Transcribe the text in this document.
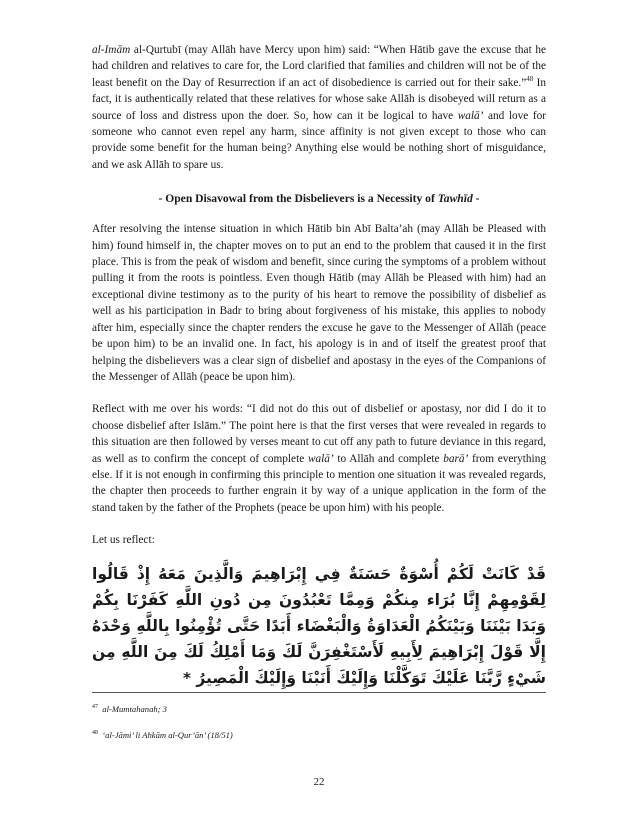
al-Imām al-Qurtubī (may Allāh have Mercy upon him) said: “When Hātib gave the excuse that he had children and relatives to care for, the Lord clarified that families and children will not be of the least benefit on the Day of Resurrection if an act of disobedience is carried out for their sake.”$^{48}$ In fact, it is authentically related that these relatives for whose sake Allāh is disobeyed will return as a source of loss and distress upon the doer. So, how can it be logical to have walā’ and love for someone who cannot even repel any harm, since affinity is not given except to those who can provide some benefit for the human being? Anything else would be nothing short of misguidance, and we ask Allāh to spare us.

- Open Disavowal from the Disbelievers is a Necessity of Tawhīd -

After resolving the intense situation in which Hātib bin Abī Balta’ah (may Allāh be Pleased with him) found himself in, the chapter moves on to put an end to the problem that caused it in the first place. This is from the peak of wisdom and benefit, since curing the symptoms of a problem without pulling it from the roots is pointless. Even though Hātib (may Allāh be Pleased with him) had an exceptional divine testimony as to the purity of his heart to remove the possibility of disbelief as well as his participation in Badr to bring about forgiveness of his mistake, this applies to nobody after him, especially since the chapter renders the excuse he gave to the Messenger of Allāh (peace be upon him) to be an invalid one. In fact, his apology is in and of itself the greatest proof that helping the disbelievers was a clear sign of disbelief and apostasy in the eyes of the Companions of the Messenger of Allāh (peace be upon him).

Reflect with me over his words: “I did not do this out of disbelief or apostasy, nor did I do it to choose disbelief after Islām.” The point here is that the first verses that were revealed in regards to this situation are then followed by verses meant to cut off any path to future deviance in this regard, as well as to confirm the concept of complete walā’ to Allāh and complete barā’ from everything else. If it is not enough in confirming this principle to mention one situation it was revealed regards, the chapter then proceeds to further engrain it by way of a unique application in the form of the stand taken by the father of the Prophets (peace be upon him) with his people.

Let us reflect:

قَدْ كَانَتْ لَكُمْ أُسْوَةٌ حَسَنَةٌ فِي إِبْرَاهِيمَ وَالَّذِينَ مَعَهُ إِذْ قَالُوا لِقَوْمِهِمْ إِنَّا بُرَاء مِنكُمْ وَمِمَّا تَعْبُدُونَ مِن دُونِ اللَّهِ كَفَرْنَا بِكُمْ وَبَدَا بَيْنَنَا وَبَيْنَكُمُ الْعَدَاوَةُ وَالْبَغْضَاء أَبَدًا حَتَّى تُؤْمِنُوا بِاللَّهِ وَحْدَهُ إِلَّا قَوْلَ إِبْرَاهِيمَ لِأَبِيهِ لَأَسْتَغْفِرَنَّ لَكَ وَمَا أَمْلِكُ لَكَ مِنَ اللَّهِ مِن شَيْءٍ رَّبَّنَا عَلَيْكَ تَوَكَّلْنَا وَإِلَيْكَ أَنَبْنَا وَإِلَيْكَ الْمَصِيرُ *

$^{47}$ al-Mumtahanah; 3
$^{48}$ ‘al-Jāmi’ li Ahkām al-Qur’ān’ (18/51)
22
